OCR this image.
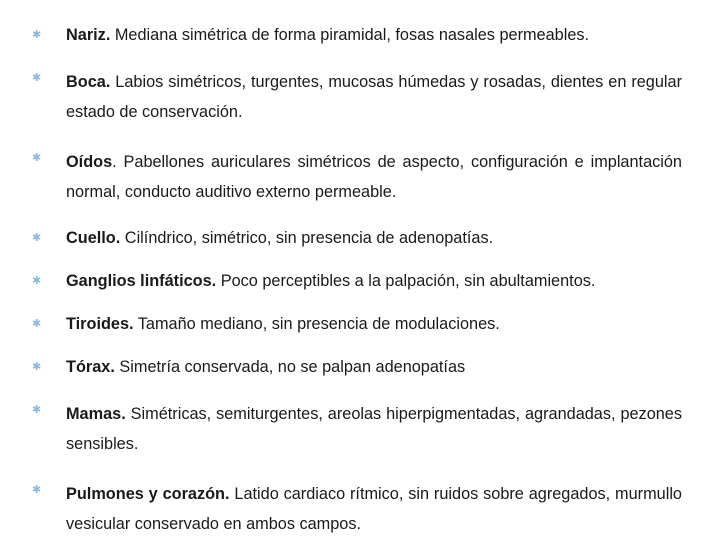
✱ Nariz. Mediana simétrica de forma piramidal, fosas nasales permeables.
✱ Boca. Labios simétricos, turgentes, mucosas húmedas y rosadas, dientes en regular estado de conservación.
✱ Oídos. Pabellones auriculares simétricos de aspecto, configuración e implantación normal, conducto auditivo externo permeable.
✱ Cuello. Cilíndrico, simétrico, sin presencia de adenopatías.
✱ Ganglios linfáticos. Poco perceptibles a la palpación, sin abultamientos.
✱ Tiroides. Tamaño mediano, sin presencia de modulaciones.
✱ Tórax. Simetría conservada, no se palpan adenopatías
✱ Mamas. Simétricas, semiturgentes, areolas hiperpigmentadas, agrandadas, pezones sensibles.
✱ Pulmones y corazón. Latido cardiaco rítmico, sin ruidos sobre agregados, murmullo vesicular conservado en ambos campos.
